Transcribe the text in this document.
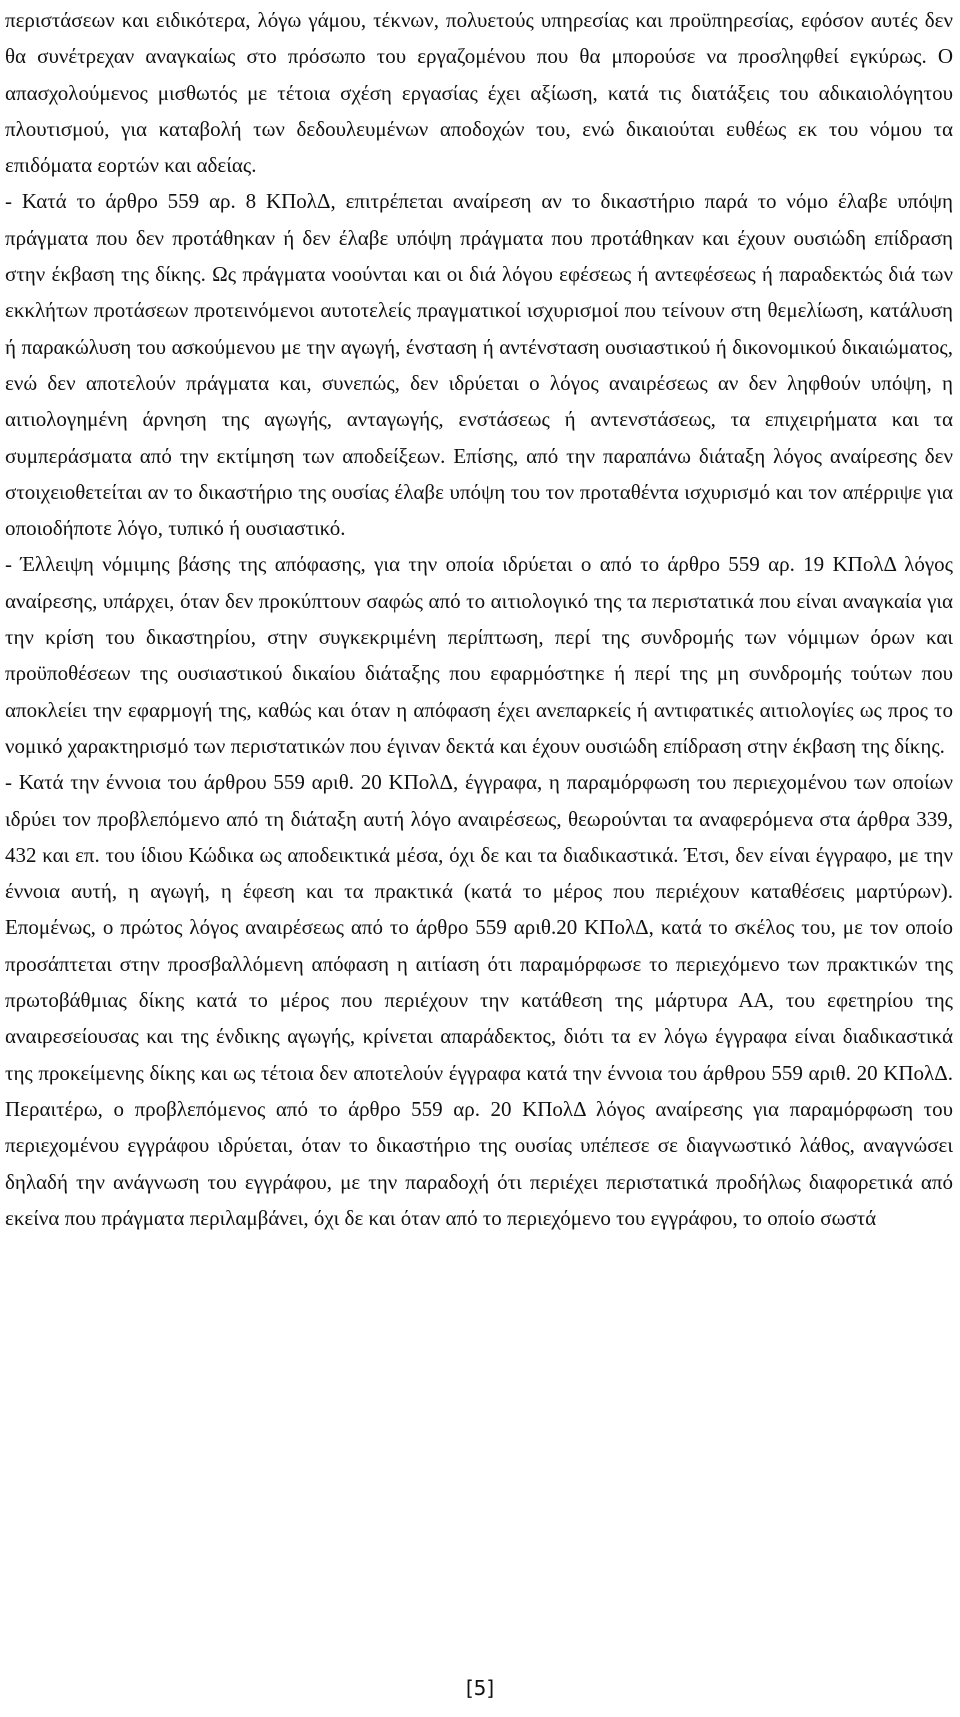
περιστάσεων και ειδικότερα, λόγω γάμου, τέκνων, πολυετούς υπηρεσίας και προϋπηρεσίας, εφόσον αυτές δεν θα συνέτρεχαν αναγκαίως στο πρόσωπο του εργαζομένου που θα μπορούσε να προσληφθεί εγκύρως. Ο απασχολούμενος μισθωτός με τέτοια σχέση εργασίας έχει αξίωση, κατά τις διατάξεις του αδικαιολόγητου πλουτισμού, για καταβολή των δεδουλευμένων αποδοχών του, ενώ δικαιούται ευθέως εκ του νόμου τα επιδόματα εορτών και αδείας.

- Κατά το άρθρο 559 αρ. 8 ΚΠολΔ, επιτρέπεται αναίρεση αν το δικαστήριο παρά το νόμο έλαβε υπόψη πράγματα που δεν προτάθηκαν ή δεν έλαβε υπόψη πράγματα που προτάθηκαν και έχουν ουσιώδη επίδραση στην έκβαση της δίκης. Ως πράγματα νοούνται και οι διά λόγου εφέσεως ή αντεφέσεως ή παραδεκτώς διά των εκκλήτων προτάσεων προτεινόμενοι αυτοτελείς πραγματικοί ισχυρισμοί που τείνουν στη θεμελίωση, κατάλυση ή παρακώλυση του ασκούμενου με την αγωγή, ένσταση ή αντένσταση ουσιαστικού ή δικονομικού δικαιώματος, ενώ δεν αποτελούν πράγματα και, συνεπώς, δεν ιδρύεται ο λόγος αναιρέσεως αν δεν ληφθούν υπόψη, η αιτιολογημένη άρνηση της αγωγής, ανταγωγής, ενστάσεως ή αντενστάσεως, τα επιχειρήματα και τα συμπεράσματα από την εκτίμηση των αποδείξεων. Επίσης, από την παραπάνω διάταξη λόγος αναίρεσης δεν στοιχειοθετείται αν το δικαστήριο της ουσίας έλαβε υπόψη του τον προταθέντα ισχυρισμό και τον απέρριψε για οποιοδήποτε λόγο, τυπικό ή ουσιαστικό.

- Έλλειψη νόμιμης βάσης της απόφασης, για την οποία ιδρύεται ο από το άρθρο 559 αρ. 19 ΚΠολΔ λόγος αναίρεσης, υπάρχει, όταν δεν προκύπτουν σαφώς από το αιτιολογικό της τα περιστατικά που είναι αναγκαία για την κρίση του δικαστηρίου, στην συγκεκριμένη περίπτωση, περί της συνδρομής των νόμιμων όρων και προϋποθέσεων της ουσιαστικού δικαίου διάταξης που εφαρμόστηκε ή περί της μη συνδρομής τούτων που αποκλείει την εφαρμογή της, καθώς και όταν η απόφαση έχει ανεπαρκείς ή αντιφατικές αιτιολογίες ως προς το νομικό χαρακτηρισμό των περιστατικών που έγιναν δεκτά και έχουν ουσιώδη επίδραση στην έκβαση της δίκης.

- Κατά την έννοια του άρθρου 559 αριθ. 20 ΚΠολΔ, έγγραφα, η παραμόρφωση του περιεχομένου των οποίων ιδρύει τον προβλεπόμενο από τη διάταξη αυτή λόγο αναιρέσεως, θεωρούνται τα αναφερόμενα στα άρθρα 339, 432 και επ. του ίδιου Κώδικα ως αποδεικτικά μέσα, όχι δε και τα διαδικαστικά. Έτσι, δεν είναι έγγραφο, με την έννοια αυτή, η αγωγή, η έφεση και τα πρακτικά (κατά το μέρος που περιέχουν καταθέσεις μαρτύρων). Επομένως, ο πρώτος λόγος αναιρέσεως από το άρθρο 559 αριθ.20 ΚΠολΔ, κατά το σκέλος του, με τον οποίο προσάπτεται στην προσβαλλόμενη απόφαση η αιτίαση ότι παραμόρφωσε το περιεχόμενο των πρακτικών της πρωτοβάθμιας δίκης κατά το μέρος που περιέχουν την κατάθεση της μάρτυρα ΑΑ, του εφετηρίου της αναιρεσείουσας και της ένδικης αγωγής, κρίνεται απαράδεκτος, διότι τα εν λόγω έγγραφα είναι διαδικαστικά της προκείμενης δίκης και ως τέτοια δεν αποτελούν έγγραφα κατά την έννοια του άρθρου 559 αριθ. 20 ΚΠολΔ. Περαιτέρω, ο προβλεπόμενος από το άρθρο 559 αρ. 20 ΚΠολΔ λόγος αναίρεσης για παραμόρφωση του περιεχομένου εγγράφου ιδρύεται, όταν το δικαστήριο της ουσίας υπέπεσε σε διαγνωστικό λάθος, αναγνώσει δηλαδή την ανάγνωση του εγγράφου, με την παραδοχή ότι περιέχει περιστατικά προδήλως διαφορετικά από εκείνα που πράγματα περιλαμβάνει, όχι δε και όταν από το περιεχόμενο του εγγράφου, το οποίο σωστά

[5]
